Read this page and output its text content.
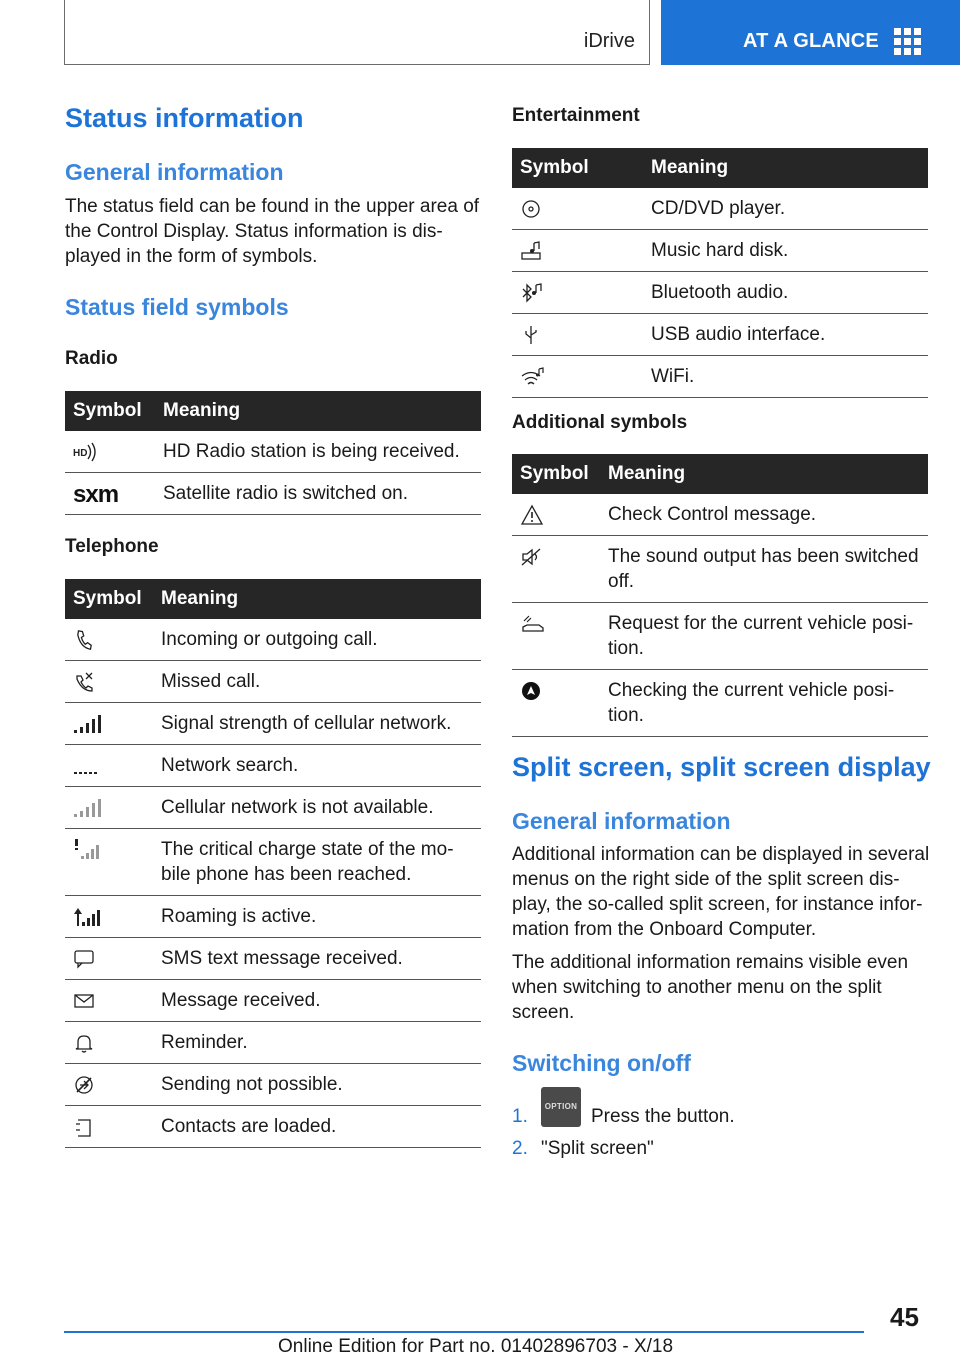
iDrive	AT A GLANCE
Status information
General information
The status field can be found in the upper area of the Control Display. Status information is dis‐ played in the form of symbols.
Status field symbols
Radio
Symbol	Meaning

HD	HD Radio station is being received.

sxm	Satellite radio is switched on.
Telephone
Symbol	Meaning

	Incoming or outgoing call.

	Missed call.

	Signal strength of cellular network.

	Network search.

	Cellular network is not available.

	The critical charge state of the mo‐ bile phone has been reached.

	Roaming is active.

	SMS text message received.

	Message received.

	Reminder.

	Sending not possible.

	Contacts are loaded.
Entertainment
Symbol	Meaning

	CD/DVD player.

	Music hard disk.

	Bluetooth audio.

	USB audio interface.

	WiFi.
Additional symbols
Symbol	Meaning

	Check Control message.

	The sound output has been switched off.

	Request for the current vehicle posi‐ tion.

	Checking the current vehicle posi‐ tion.
Split screen, split screen display
General information
Additional information can be displayed in several menus on the right side of the split screen dis‐ play, the so-called split screen, for instance infor‐ mation from the Onboard Computer.
The additional information remains visible even when switching to another menu on the split screen.
Switching on/off
1.	OPTION Press the button.
2. "Split screen"
45
Online Edition for Part no. 01402896703 - X/18
